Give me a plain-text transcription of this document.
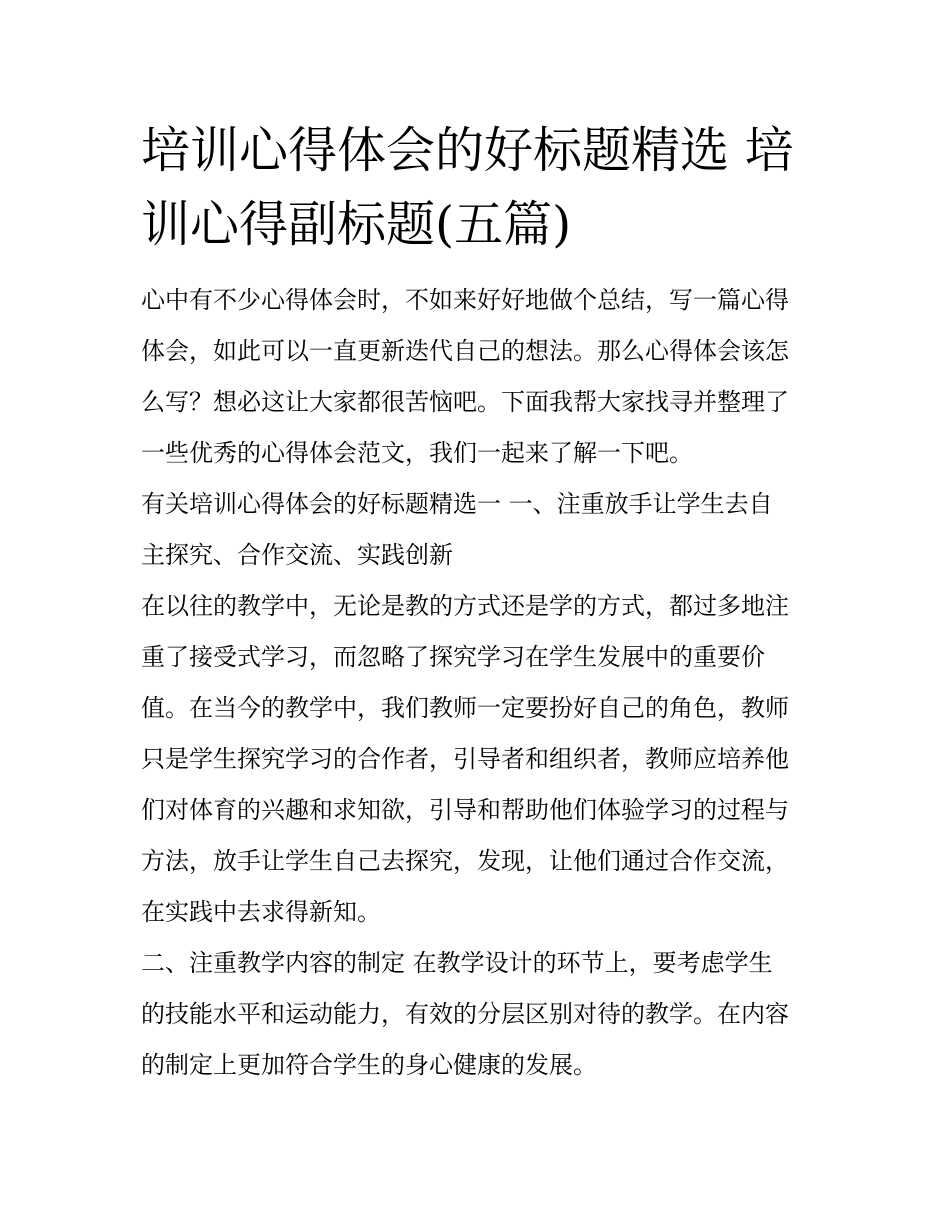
培训心得体会的好标题精选 培
训心得副标题(五篇)
心中有不少心得体会时，不如来好好地做个总结，写一篇心得
体会，如此可以一直更新迭代自己的想法。那么心得体会该怎
么写？想必这让大家都很苦恼吧。下面我帮大家找寻并整理了
一些优秀的心得体会范文，我们一起来了解一下吧。
有关培训心得体会的好标题精选一 一、注重放手让学生去自
主探究、合作交流、实践创新
在以往的教学中，无论是教的方式还是学的方式，都过多地注
重了接受式学习，而忽略了探究学习在学生发展中的重要价
值。在当今的教学中，我们教师一定要扮好自己的角色，教师
只是学生探究学习的合作者，引导者和组织者，教师应培养他
们对体育的兴趣和求知欲，引导和帮助他们体验学习的过程与
方法，放手让学生自己去探究，发现，让他们通过合作交流，
在实践中去求得新知。
二、注重教学内容的制定 在教学设计的环节上，要考虑学生
的技能水平和运动能力，有效的分层区别对待的教学。在内容
的制定上更加符合学生的身心健康的发展。
